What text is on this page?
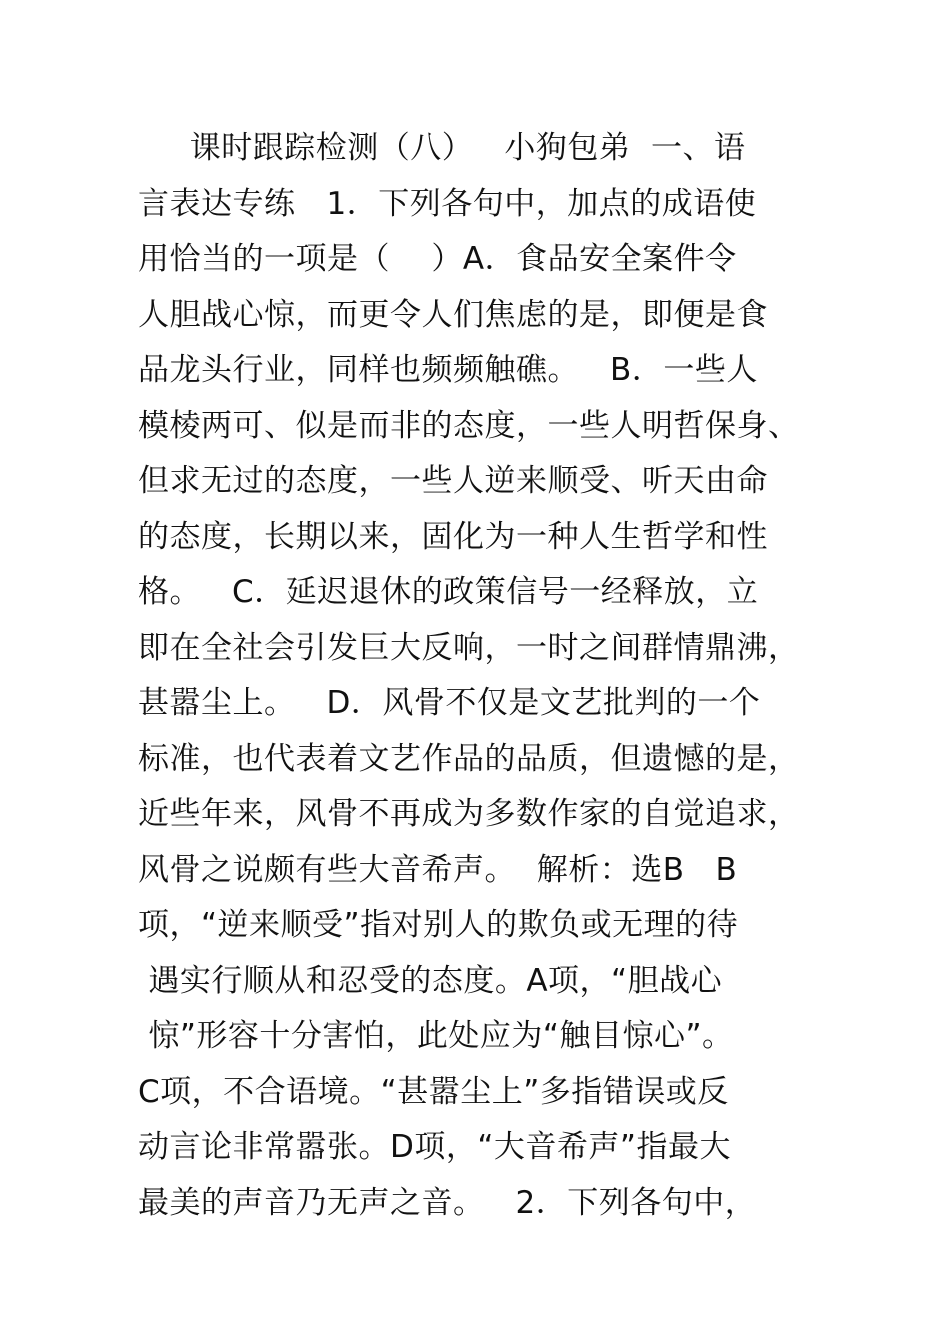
课时跟踪检测（八）   小狗包弟  一、语
言表达专练   1．下列各句中，加点的成语使
用恰当的一项是（    ）A．食品安全案件令
人胆战心惊，而更令人们焦虑的是，即便是食
品龙头行业，同样也频频触礁。   B．一些人
模棱两可、似是而非的态度，一些人明哲保身、
但求无过的态度，一些人逆来顺受、听天由命
的态度，长期以来，固化为一种人生哲学和性
格。   C．延迟退休的政策信号一经释放，立
即在全社会引发巨大反响，一时之间群情鼎沸，
甚嚣尘上。   D．风骨不仅是文艺批判的一个
标准，也代表着文艺作品的品质，但遗憾的是，
近些年来，风骨不再成为多数作家的自觉追求，
风骨之说颇有些大音希声。  解析：选B   B
项，“逆来顺受”指对别人的欺负或无理的待
遇实行顺从和忍受的态度。A项，“胆战心
惊”形容十分害怕，此处应为“触目惊心”。
C项，不合语境。“甚嚣尘上”多指错误或反
动言论非常嚣张。D项，“大音希声”指最大
最美的声音乃无声之音。   2．下列各句中，
